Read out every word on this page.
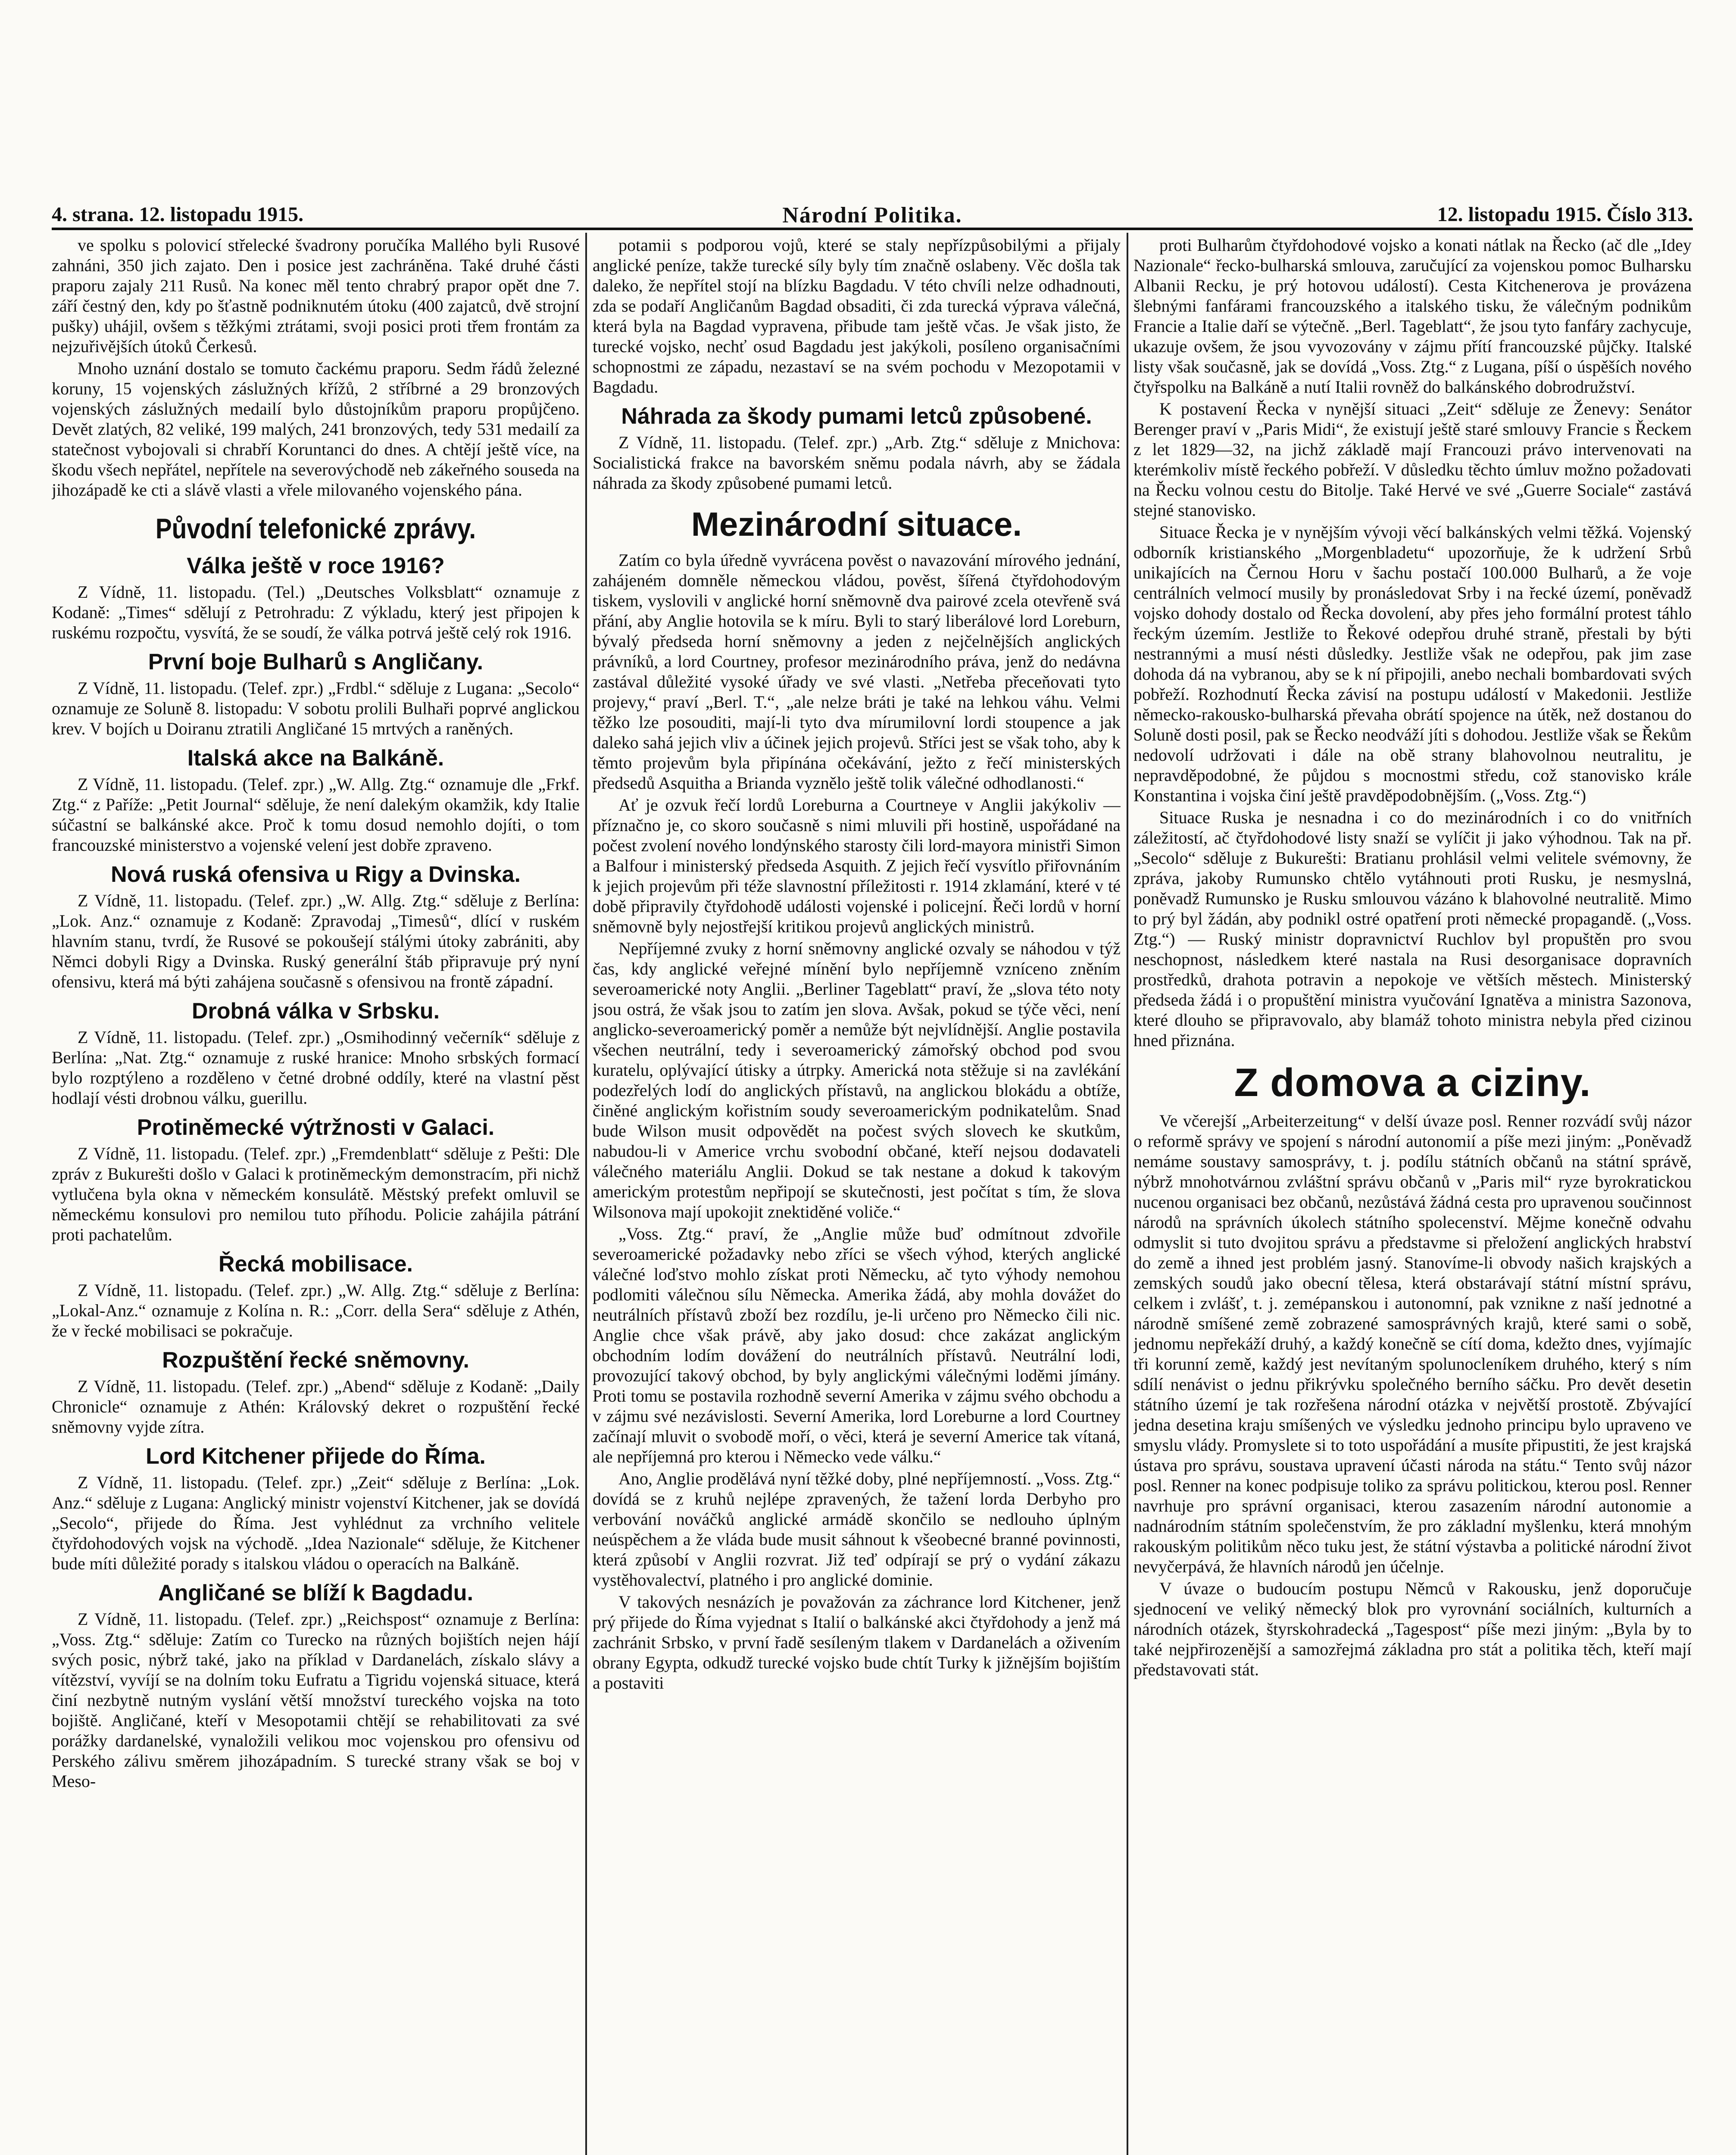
4. strana. 12. listopadu 1915.	Národní Politika.	12. listopadu 1915. Číslo 313.

ve spolku s polovicí střelecké švadrony poručíka Mallého byli Rusové zahnáni, 350 jich zajato. Den i posice jest zachráněna. Také druhé části praporu zajaly 211 Rusů. Na konec měl tento chrabrý prapor opět dne 7. září čestný den, kdy po šťastně podniknutém útoku (400 zajatců, dvě strojní pušky) uhájil, ovšem s těžkými ztrátami, svoji posici proti třem frontám za nejzuřivějších útoků Čerkesů.

Mnoho uznání dostalo se tomuto čackému praporu. Sedm řádů železné koruny, 15 vojenských záslužných křížů, 2 stříbrné a 29 bronzových vojenských záslužných medailí bylo důstojníkům praporu propůjčeno. Devět zlatých, 82 veliké, 199 malých, 241 bronzových, tedy 531 medailí za statečnost vybojovali si chrabří Koruntanci do dnes. A chtějí ještě více, na škodu všech nepřátel, nepřítele na severovýchodě neb zákeřného souseda na jihozápadě ke cti a slávě vlasti a vřele milovaného vojenského pána.

Původní telefonické zprávy.
Válka ještě v roce 1916?

Z Vídně, 11. listopadu. (Tel.) „Deutsches Volksblatt“ oznamuje z Kodaně: „Times“ sdělují z Petrohradu: Z výkladu, který jest připojen k ruskému rozpočtu, vysvítá, že se soudí, že válka potrvá ještě celý rok 1916.

První boje Bulharů s Angličany.

Z Vídně, 11. listopadu. (Telef. zpr.) „Frdbl.“ sděluje z Lugana: „Secolo“ oznamuje ze Soluně 8. listopadu: V sobotu prolili Bulhaři poprvé anglickou krev. V bojích u Doiranu ztratili Angličané 15 mrtvých a raněných.

Italská akce na Balkáně.

Z Vídně, 11. listopadu. (Telef. zpr.) „W. Allg. Ztg.“ oznamuje dle „Frkf. Ztg.“ z Paříže: „Petit Journal“ sděluje, že není dalekým okamžik, kdy Italie súčastní se balkánské akce. Proč k tomu dosud nemohlo dojíti, o tom francouzské ministerstvo a vojenské velení jest dobře zpraveno.

Nová ruská ofensiva u Rigy a Dvinska.

Z Vídně, 11. listopadu. (Telef. zpr.) „W. Allg. Ztg.“ sděluje z Berlína: „Lok. Anz.“ oznamuje z Kodaně: Zpravodaj „Timesů“, dlící v ruském hlavním stanu, tvrdí, že Rusové se pokoušejí stálými útoky zabrániti, aby Němci dobyli Rigy a Dvinska. Ruský generální štáb připravuje prý nyní ofensivu, která má býti zahájena současně s ofensivou na frontě západní.

Drobná válka v Srbsku.

Z Vídně, 11. listopadu. (Telef. zpr.) „Osmihodinný večerník“ sděluje z Berlína: „Nat. Ztg.“ oznamuje z ruské hranice: Mnoho srbských formací bylo rozptýleno a rozděleno v četné drobné oddíly, které na vlastní pěst hodlají vésti drobnou válku, guerillu.

Protiněmecké výtržnosti v Galaci.

Z Vídně, 11. listopadu. (Telef. zpr.) „Fremdenblatt“ sděluje z Pešti: Dle zpráv z Bukurešti došlo v Galaci k protiněmeckým demonstracím, při nichž vytlučena byla okna v německém konsulátě. Městský prefekt omluvil se německému konsulovi pro nemilou tuto příhodu. Policie zahájila pátrání proti pachatelům.

Řecká mobilisace.

Z Vídně, 11. listopadu. (Telef. zpr.) „W. Allg. Ztg.“ sděluje z Berlína: „Lokal-Anz.“ oznamuje z Kolína n. R.: „Corr. della Sera“ sděluje z Athén, že v řecké mobilisaci se pokračuje.

Rozpuštění řecké sněmovny.

Z Vídně, 11. listopadu. (Telef. zpr.) „Abend“ sděluje z Kodaně: „Daily Chronicle“ oznamuje z Athén: Královský dekret o rozpuštění řecké sněmovny vyjde zítra.

Lord Kitchener přijede do Říma.

Z Vídně, 11. listopadu. (Telef. zpr.) „Zeit“ sděluje z Berlína: „Lok. Anz.“ sděluje z Lugana: Anglický ministr vojenství Kitchener, jak se dovídá „Secolo“, přijede do Říma. Jest vyhlédnut za vrchního velitele čtyřdohodových vojsk na východě. „Idea Nazionale“ sděluje, že Kitchener bude míti důležité porady s italskou vládou o operacích na Balkáně.

Angličané se blíží k Bagdadu.

Z Vídně, 11. listopadu. (Telef. zpr.) „Reichspost“ oznamuje z Berlína: „Voss. Ztg.“ sděluje: Zatím co Turecko na různých bojištích nejen hájí svých posic, nýbrž také, jako na příklad v Dardanelách, získalo slávy a vítězství, vyvíjí se na dolním toku Eufratu a Tigridu vojenská situace, která činí nezbytně nutným vyslání větší množství tureckého vojska na toto bojiště. Angličané, kteří v Mesopotamii chtějí se rehabilitovati za své porážky dardanelské, vynaložili velikou moc vojenskou pro ofensivu od Perského zálivu směrem jihozápadním. S turecké strany však se boj v Meso-

potamii s podporou vojů, které se staly nepřízpůsobilými a přijaly anglické peníze, takže turecké síly byly tím značně oslabeny. Věc došla tak daleko, že nepřítel stojí na blízku Bagdadu. V této chvíli nelze odhadnouti, zda se podaří Angličanům Bagdad obsaditi, či zda turecká výprava válečná, která byla na Bagdad vypravena, přibude tam ještě včas. Je však jisto, že turecké vojsko, nechť osud Bagdadu jest jakýkoli, posíleno organisačními schopnostmi ze západu, nezastaví se na svém pochodu v Mezopotamii v Bagdadu.

Náhrada za škody pumami letců způsobené.

Z Vídně, 11. listopadu. (Telef. zpr.) „Arb. Ztg.“ sděluje z Mnichova: Socialistická frakce na bavorském sněmu podala návrh, aby se žádala náhrada za škody způsobené pumami letců.

Mezinárodní situace.

Zatím co byla úředně vyvrácena pověst o navazování mírového jednání, zahájeném domněle německou vládou, pověst, šířená čtyřdohodovým tiskem, vyslovili v anglické horní sněmovně dva pairové zcela otevřeně svá přání, aby Anglie hotovila se k míru. Byli to starý liberálové lord Loreburn, bývalý předseda horní sněmovny a jeden z nejčelnějších anglických právníků, a lord Courtney, profesor mezinárodního práva, jenž do nedávna zastával důležité vysoké úřady ve své vlasti. „Netřeba přeceňovati tyto projevy,“ praví „Berl. T.“, „ale nelze bráti je také na lehkou váhu. Velmi těžko lze posouditi, mají-li tyto dva mírumilovní lordi stoupence a jak daleko sahá jejich vliv a účinek jejich projevů. Stříci jest se však toho, aby k těmto projevům byla připínána očekávání, ježto z řečí ministerských předsedů Asquitha a Brianda vyznělo ještě tolik válečné odhodlanosti.“

Ať je ozvuk řečí lordů Loreburna a Courtneye v Anglii jakýkoliv — příznačno je, co skoro současně s nimi mluvili při hostině, uspořádané na počest zvolení nového londýnského starosty čili lord-mayora ministři Simon a Balfour i ministerský předseda Asquith. Z jejich řečí vysvítlo přiřovnáním k jejich projevům při téže slavnostní příležitosti r. 1914 zklamání, které v té době připravily čtyřdohodě události vojenské i policejní. Řeči lordů v horní sněmovně byly nejostřejší kritikou projevů anglických ministrů.

Nepříjemné zvuky z horní sněmovny anglické ozvaly se náhodou v týž čas, kdy anglické veřejné mínění bylo nepříjemně vzníceno zněním severoamerické noty Anglii. „Berliner Tageblatt“ praví, že „slova této noty jsou ostrá, že však jsou to zatím jen slova. Avšak, pokud se týče věci, není anglicko-severoamerický poměr a nemůže být nejvlídnější. Anglie postavila všechen neutrální, tedy i severoamerický zámořský obchod pod svou kuratelu, oplývající útisky a útrpky. Americká nota stěžuje si na zavlékání podezřelých lodí do anglických přístavů, na anglickou blokádu a obtíže, činěné anglickým kořistním soudy severoamerickým podnikatelům. Snad bude Wilson musit odpovědět na počest svých slovech ke skutkům, nabudou-li v Americe vrchu svobodní občané, kteří nejsou dodavateli válečného materiálu Anglii. Dokud se tak nestane a dokud k takovým americkým protestům nepřipojí se skutečnosti, jest počítat s tím, že slova Wilsonova mají upokojit znektiděné voliče.“

„Voss. Ztg.“ praví, že „Anglie může buď odmítnout zdvořile severoamerické požadavky nebo zříci se všech výhod, kterých anglické válečné loďstvo mohlo získat proti Německu, ač tyto výhody nemohou podlomiti válečnou sílu Německa. Amerika žádá, aby mohla dovážet do neutrálních přístavů zboží bez rozdílu, je-li určeno pro Německo čili nic. Anglie chce však právě, aby jako dosud: chce zakázat anglickým obchodním lodím dovážení do neutrálních přístavů. Neutrální lodi, provozující takový obchod, by byly anglickými válečnými loděmi jímány. Proti tomu se postavila rozhodně severní Amerika v zájmu svého obchodu a v zájmu své nezávislosti. Severní Amerika, lord Loreburne a lord Courtney začínají mluvit o svobodě moří, o věci, která je severní Americe tak vítaná, ale nepříjemná pro kterou i Německo vede válku.“

Ano, Anglie prodělává nyní těžké doby, plné nepříjemností. „Voss. Ztg.“ dovídá se z kruhů nejlépe zpravených, že tažení lorda Derbyho pro verbování nováčků anglické armádě skončilo se nedlouho úplným neúspěchem a že vláda bude musit sáhnout k všeobecné branné povinnosti, která způsobí v Anglii rozvrat. Již teď odpírají se prý o vydání zákazu vystěhovalectví, platného i pro anglické dominie.

V takových nesnázích je považován za záchrance lord Kitchener, jenž prý přijede do Říma vyjednat s Italií o balkánské akci čtyřdohody a jenž má zachránit Srbsko, v první řadě sesíleným tlakem v Dardanelách a oživením obrany Egypta, odkudž turecké vojsko bude chtít Turky k jižnějším bojištím a postaviti

proti Bulharům čtyřdohodové vojsko a konati nátlak na Řecko (ač dle „Idey Nazionale“ řecko-bulharská smlouva, zaručující za vojenskou pomoc Bulharsku Albanii Recku, je prý hotovou událostí). Cesta Kitchenerova je provázena šlebnými fanfárami francouzského a italského tisku, že válečným podnikům Francie a Italie daří se výtečně. „Berl. Tageblatt“, že jsou tyto fanfáry zachycuje, ukazuje ovšem, že jsou vyvozovány v zájmu přítí francouzské půjčky. Italské listy však současně, jak se dovídá „Voss. Ztg.“ z Lugana, píší o úspěších nového čtyřspolku na Balkáně a nutí Italii rovněž do balkánského dobrodružství.

K postavení Řecka v nynější situaci „Zeit“ sděluje ze Ženevy: Senátor Berenger praví v „Paris Midi“, že existují ještě staré smlouvy Francie s Řeckem z let 1829—32, na jichž základě mají Francouzi právo intervenovati na kterémkoliv místě řeckého pobřeží. V důsledku těchto úmluv možno požadovati na Řecku volnou cestu do Bitolje. Také Hervé ve své „Guerre Sociale“ zastává stejné stanovisko.

Situace Řecka je v nynějším vývoji věcí balkánských velmi těžká. Vojenský odborník kristianského „Morgenbladetu“ upozorňuje, že k udržení Srbů unikajících na Černou Horu v šachu postačí 100.000 Bulharů, a že voje centrálních velmocí musily by pronásledovat Srby i na řecké území, poněvadž vojsko dohody dostalo od Řecka dovolení, aby přes jeho formální protest táhlo řeckým územím. Jestliže to Řekové odepřou druhé straně, přestali by býti nestrannými a musí nésti důsledky. Jestliže však ne odepřou, pak jim zase dohoda dá na vybranou, aby se k ní připojili, anebo nechali bombardovati svých pobřeží. Rozhodnutí Řecka závisí na postupu událostí v Makedonii. Jestliže německo-rakousko-bulharská převaha obrátí spojence na útěk, než dostanou do Soluně dosti posil, pak se Řecko neodváží jíti s dohodou. Jestliže však se Řekům nedovolí udržovati i dále na obě strany blahovolnou neutralitu, je nepravděpodobné, že půjdou s mocnostmi středu, což stanovisko krále Konstantina i vojska činí ještě pravděpodobnějším. („Voss. Ztg.“)

Situace Ruska je nesnadna i co do mezinárodních i co do vnitřních záležitostí, ač čtyřdohodové listy snaží se vylíčit ji jako výhodnou. Tak na př. „Secolo“ sděluje z Bukurešti: Bratianu prohlásil velmi velitele svémovny, že zpráva, jakoby Rumunsko chtělo vytáhnouti proti Rusku, je nesmyslná, poněvadž Rumunsko je Rusku smlouvou vázáno k blahovolné neutralitě. Mimo to prý byl žádán, aby podnikl ostré opatření proti německé propagandě. („Voss. Ztg.“) — Ruský ministr dopravnictví Ruchlov byl propuštěn pro svou neschopnost, následkem které nastala na Rusi desorganisace dopravních prostředků, drahota potravin a nepokoje ve větších městech. Ministerský předseda žádá i o propuštění ministra vyučování Ignatěva a ministra Sazonova, které dlouho se připravovalo, aby blamáž tohoto ministra nebyla před cizinou hned přiznána.

Z domova a cizinу.

Ve včerejší „Arbeiterzeitung“ v delší úvaze posl. Renner rozvádí svůj názor o reformě správy ve spojení s národní autonomií a píše mezi jiným: „Poněvadž nemáme soustavy samosprávy, t. j. podílu státních občanů na státní správě, nýbrž mnohotvárnou zvláštní správu občanů v „Paris mil“ ryze byrokratickou nucenou organisaci bez občanů, nezůstává žádná cesta pro upravenou součinnost národů na správních úkolech státního spolecenství. Mějme konečně odvahu odmyslit si tuto dvojitou správu a představme si přeložení anglických hrabství do země a ihned jest problém jasný. Stanovíme-li obvody našich krajských a zemských soudů jako obecní tělesa, která obstarávají státní místní správu, celkem i zvlášť, t. j. zemépanskou i autonomní, pak vznikne z naší jednotné a národně smíšené země zobrazené samosprávných krajů, které sami o sobě, jednomu nepřekáží druhý, a každý konečně se cítí doma, kdežto dnes, vyjímajíc tři korunní země, každý jest nevítaným spolunocleníkem druhého, který s ním sdílí nenávist o jednu přikrývku společného berního sáčku. Pro devět desetin státního území je tak rozřešena národní otázka v největší prostotě. Zbývající jedna desetina kraju smíšených ve výsledku jednoho principu bylo upraveno ve smyslu vlády. Promyslete si to toto uspořádání a musíte připustiti, že jest krajská ústava pro správu, soustava upravení účasti národa na státu.“ Tento svůj názor posl. Renner na konec podpisuje toliko za správu politickou, kterou posl. Renner navrhuje pro správní organisaci, kterou zasazením národní autonomie a nadnárodním státním společenstvím, že pro základní myšlenku, která mnohým rakouským politikům něco tuku jest, že státní výstavba a politické národní život nevyčerpává, že hlavních národů jen účelnje.

V úvaze o budoucím postupu Němců v Rakousku, jenž doporučuje sjednocení ve veliký německý blok pro vyrovnání sociálních, kulturních a národních otázek, štyrskohradecká „Tagespost“ píše mezi jiným: „Byla by to také nejpřirozenější a samozřejmá základna pro stát a politika těch, kteří mají představovati stát.
